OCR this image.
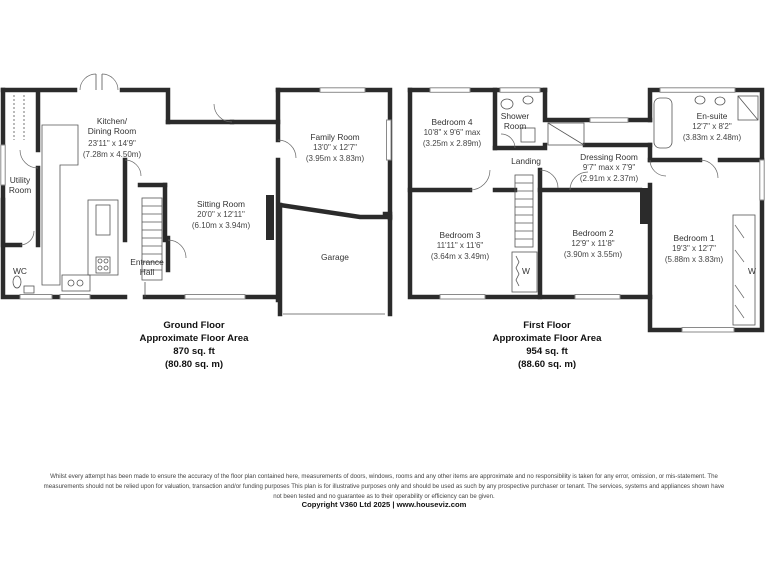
Kitchen/ Dining Room
23'11" x 14'9"
(7.28m x 4.50m)
Utility Room
WC
Sitting Room
20'0" x 12'11"
(6.10m x 3.94m)
Entrance Hall
Family Room
13'0" x 12'7"
(3.95m x 3.83m)
Garage
Bedroom 4
10'8" x 9'6" max
(3.25m x 2.89m)
Shower Room
Landing	Dressing Room
9'7" max x 7'9"
(2.91m x 2.37m)
En-suite
12'7" x 8'2"
(3.83m x 2.48m)
Bedroom 3
11'11" x 11'6"
(3.64m x 3.49m)
Bedroom 2
12'9" x 11'8"
(3.90m x 3.55m)
Bedroom 1
19'3" x 12'7"
(5.88m x 3.83m)
W	W
Ground Floor
Approximate Floor Area
870 sq. ft
(80.80 sq. m)
First Floor
Approximate Floor Area
954 sq. ft
(88.60 sq. m)
Whilst every attempt has been made to ensure the accuracy of the floor plan contained here, measurements of doors, windows, rooms and any other items are approximate and no responsibility is taken for any error, omission, or mis-statement. The measurements should not be relied upon for valuation, transaction and/or funding purposes This plan is for illustrative purposes only and should be used as such by any prospective purchaser or tenant. The services, systems and appliances shown have not been tested and no guarantee as to their operability or efficiency can be given.
Copyright V360 Ltd 2025 | www.houseviz.com
